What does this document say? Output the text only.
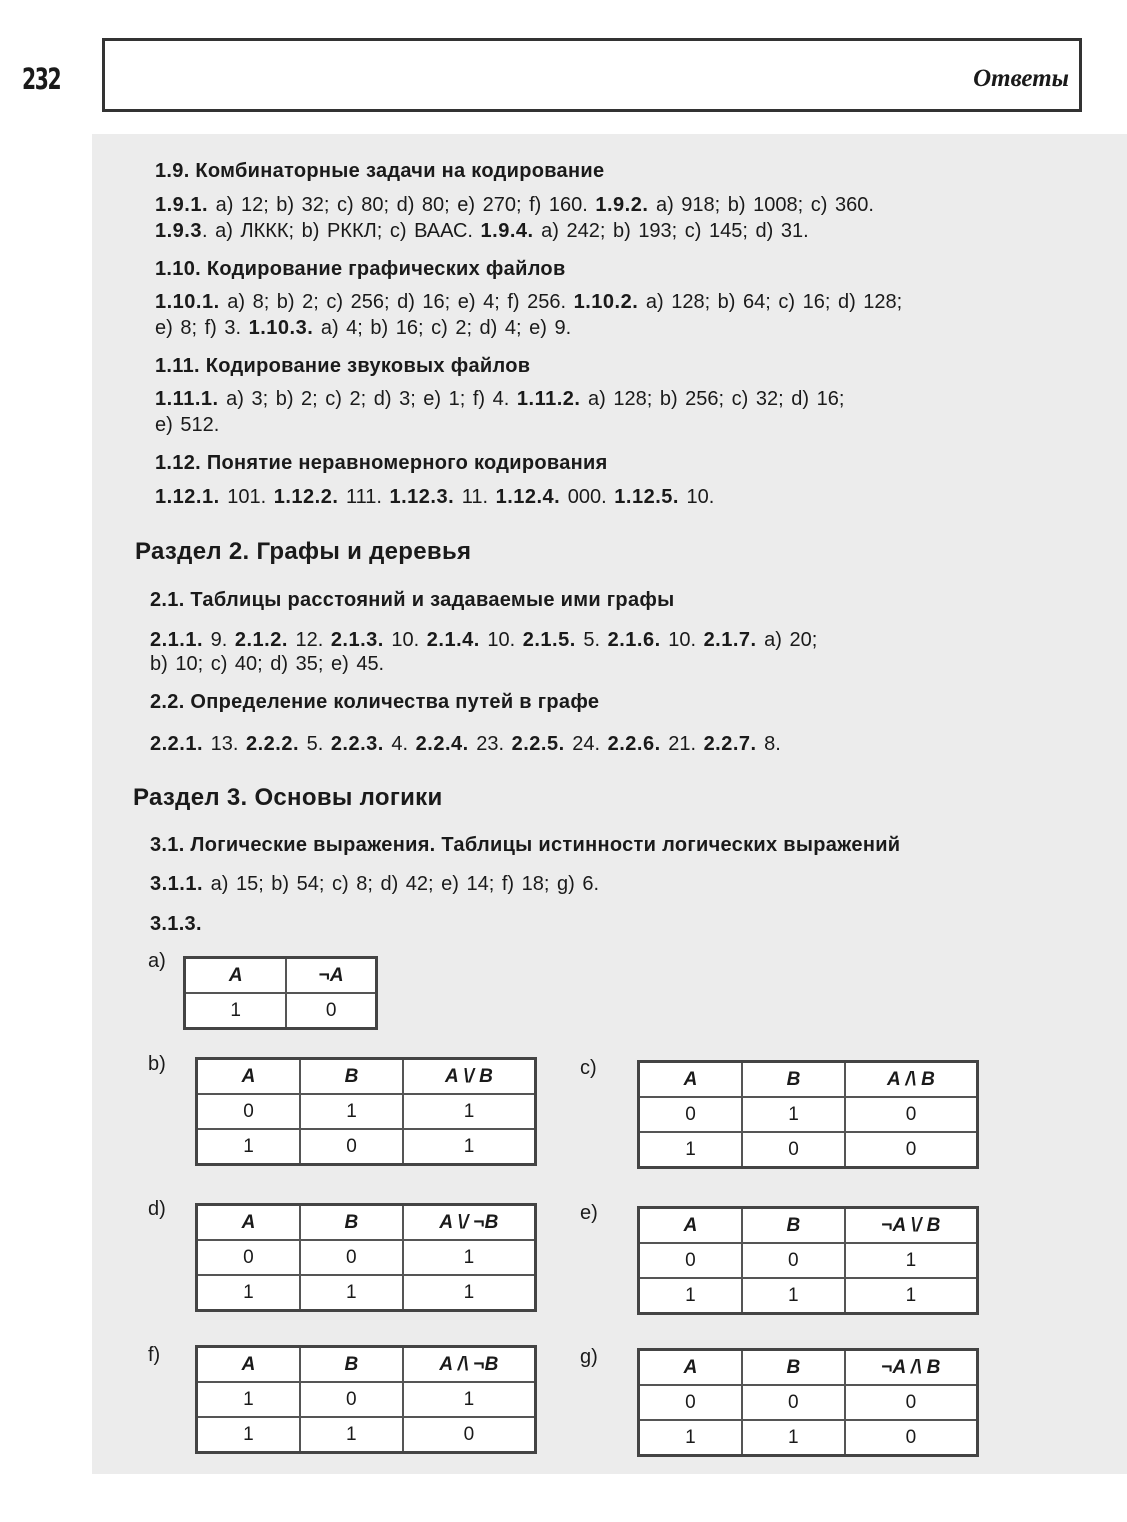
232	Ответы
1.9. Комбинаторные задачи на кодирование
1.9.1. a) 12; b) 32; c) 80; d) 80; e) 270; f) 160. 1.9.2. a) 918; b) 1008; c) 360.
1.9.3. a) ЛККК; b) РККЛ; c) ВААС. 1.9.4. a) 242; b) 193; c) 145; d) 31.
1.10. Кодирование графических файлов
1.10.1. a) 8; b) 2; c) 256; d) 16; e) 4; f) 256. 1.10.2. a) 128; b) 64; c) 16; d) 128;
e) 8; f) 3. 1.10.3. a) 4; b) 16; c) 2; d) 4; e) 9.
1.11. Кодирование звуковых файлов
1.11.1. a) 3; b) 2; c) 2; d) 3; e) 1; f) 4. 1.11.2. a) 128; b) 256; c) 32; d) 16;
e) 512.
1.12. Понятие неравномерного кодирования
1.12.1. 101. 1.12.2. 111. 1.12.3. 11. 1.12.4. 000. 1.12.5. 10.
Раздел 2. Графы и деревья
2.1. Таблицы расстояний и задаваемые ими графы
2.1.1. 9. 2.1.2. 12. 2.1.3. 10. 2.1.4. 10. 2.1.5. 5. 2.1.6. 10. 2.1.7. a) 20;
b) 10; c) 40; d) 35; e) 45.
2.2. Определение количества путей в графе
2.2.1. 13. 2.2.2. 5. 2.2.3. 4. 2.2.4. 23. 2.2.5. 24. 2.2.6. 21. 2.2.7. 8.
Раздел 3. Основы логики
3.1. Логические выражения. Таблицы истинности логических выражений
3.1.1. a) 15; b) 54; c) 8; d) 42; e) 14; f) 18; g) 6.
3.1.3.
a)
A	¬A
1	0
b)
A	B	A \/ B
0	1	1
1	0	1
c)	A	B	A /\ B
0	1	0
1	0	0
d)
A	B	A \/ ¬B
0	0	1
1	1	1
e)
A	B	¬A \/ B
0	0	1
1	1	1
f)	A	B	A /\ ¬B
1	0	1
1	1	0
g)	A	B	¬A /\ B
0	0	0
1	1	0
